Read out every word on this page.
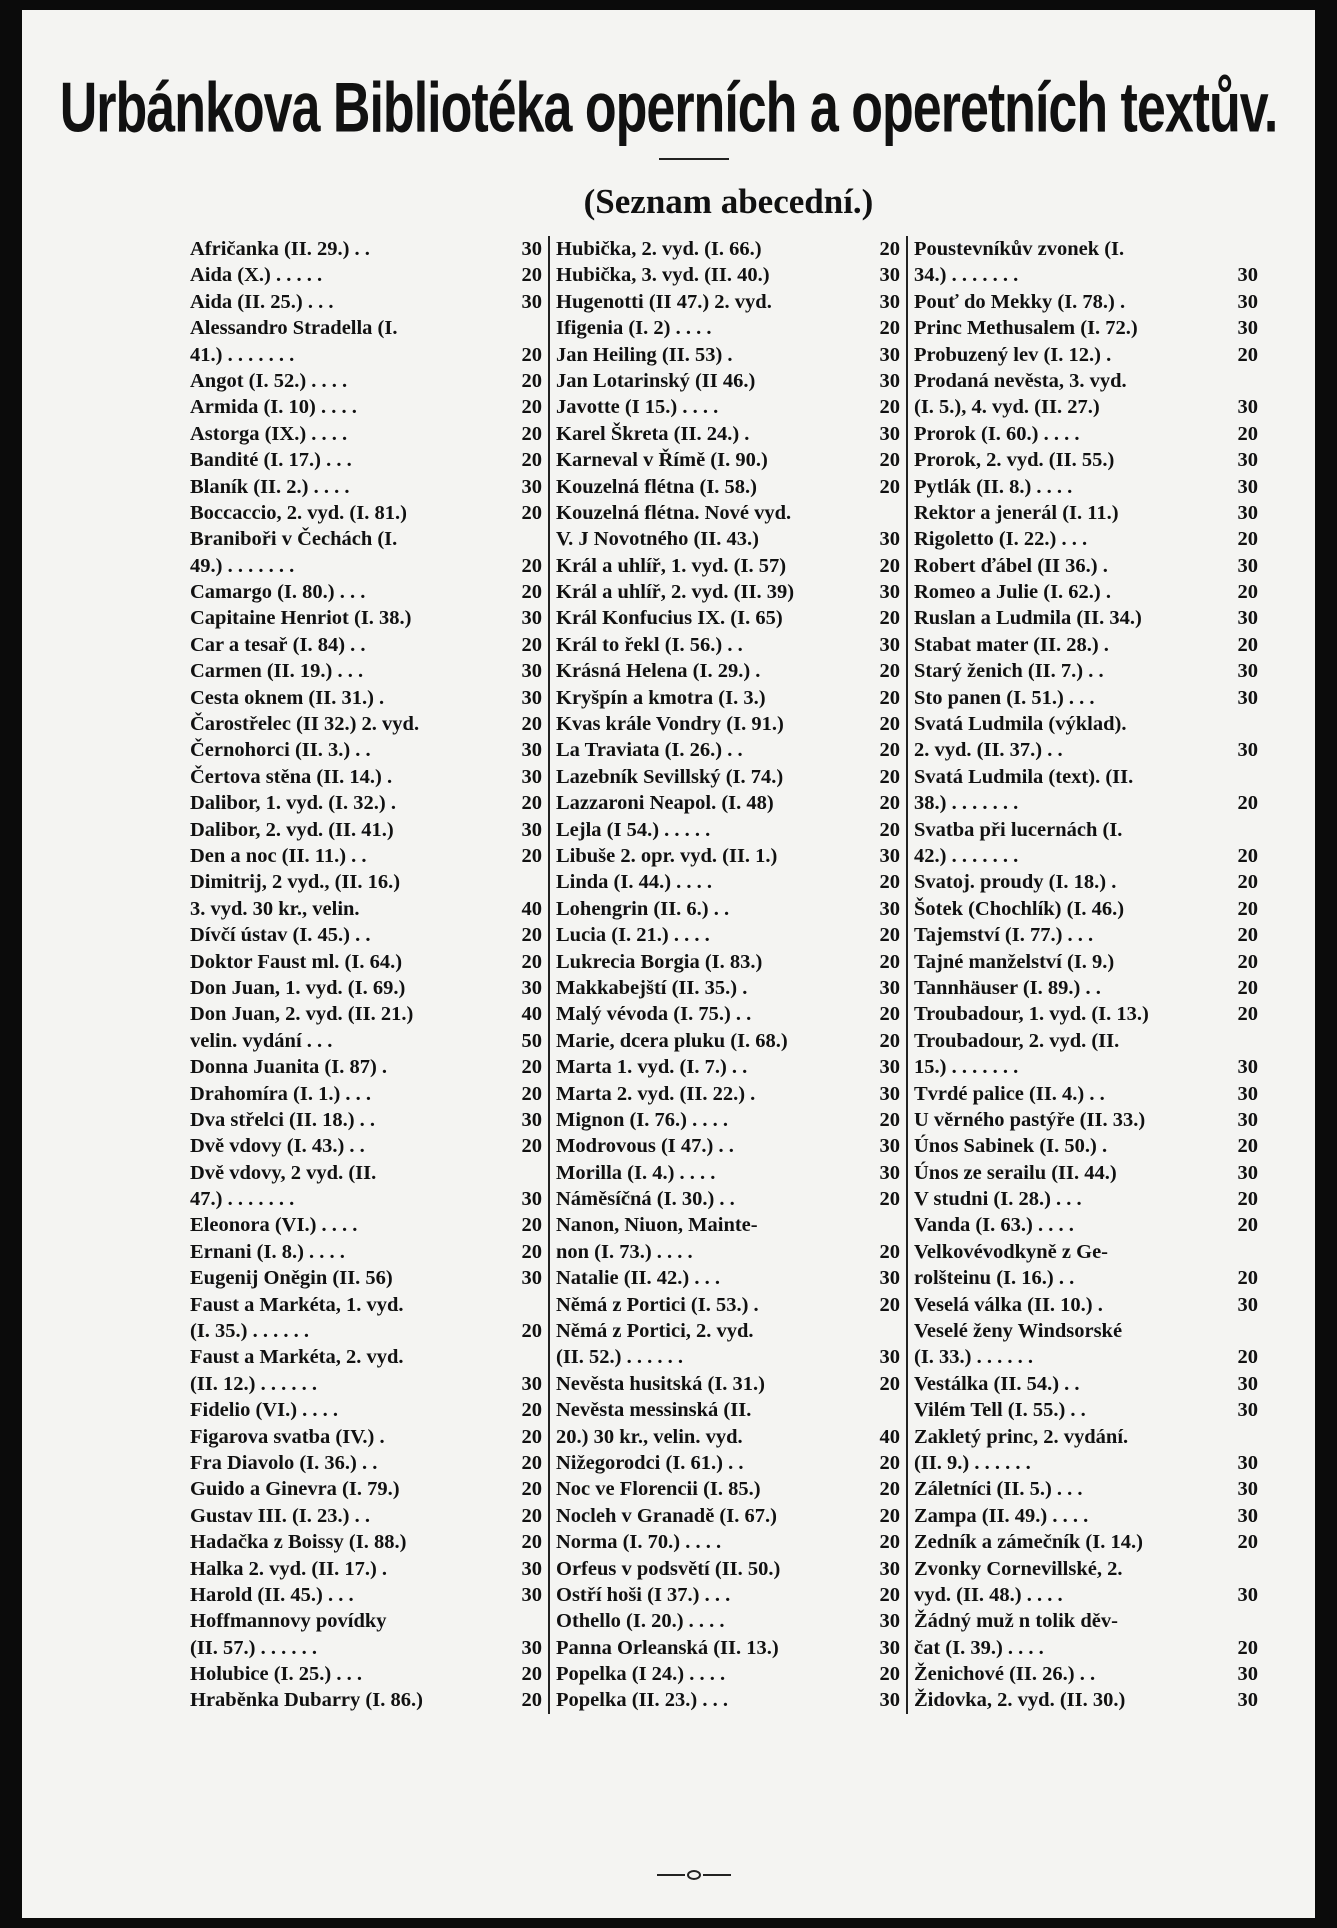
Urbánkova Bibliotéka operních a operetních textův.
(Seznam abecední.)
Afričanka (II. 29.) . .	30
Aida (X.) . . . . .	20
Aida (II. 25.) . . .	30
Alessandro Stradella (I.
41.) . . . . . . .	20
Angot (I. 52.) . . . .	20
Armida (I. 10) . . . .	20
Astorga (IX.) . . . .	20
Bandité (I. 17.) . . .	20
Blaník (II. 2.) . . . .	30
Boccaccio, 2. vyd. (I. 81.)	20
Braniboři v Čechách (I.
49.) . . . . . . .	20
Camargo (I. 80.) . . .	20
Capitaine Henriot (I. 38.)	30
Car a tesař (I. 84) . .	20
Carmen (II. 19.) . . .	30
Cesta oknem (II. 31.) .	30
Čarostřelec (II 32.) 2. vyd.	20
Černohorci (II. 3.) . .	30
Čertova stěna (II. 14.) .	30
Dalibor, 1. vyd. (I. 32.) .	20
Dalibor, 2. vyd. (II. 41.)	30
Den a noc (II. 11.) . .	20
Dimitrij, 2 vyd., (II. 16.)
3. vyd. 30 kr., velin.	40
Dívčí ústav (I. 45.) . .	20
Doktor Faust ml. (I. 64.)	20
Don Juan, 1. vyd. (I. 69.)	30
Don Juan, 2. vyd. (II. 21.)	40
velin. vydání . . .	50
Donna Juanita (I. 87) .	20
Drahomíra (I. 1.) . . .	20
Dva střelci (II. 18.) . .	30
Dvě vdovy (I. 43.) . .	20
Dvě vdovy, 2 vyd. (II.
47.) . . . . . . .	30
Eleonora (VI.) . . . .	20
Ernani (I. 8.) . . . .	20
Eugenij Oněgin (II. 56)	30
Faust a Markéta, 1. vyd.
(I. 35.) . . . . . .	20
Faust a Markéta, 2. vyd.
(II. 12.) . . . . . .	30
Fidelio (VI.) . . . .	20
Figarova svatba (IV.) .	20
Fra Diavolo (I. 36.) . .	20
Guido a Ginevra (I. 79.)	20
Gustav III. (I. 23.) . .	20
Hadačka z Boissy (I. 88.)	20
Halka 2. vyd. (II. 17.) .	30
Harold (II. 45.) . . .	30
Hoffmannovy povídky
(II. 57.) . . . . . .	30
Holubice (I. 25.) . . .	20
Hraběnka Dubarry (I. 86.)	20
Hubička, 2. vyd. (I. 66.)	20
Hubička, 3. vyd. (II. 40.)	30
Hugenotti (II 47.) 2. vyd.	30
Ifigenia (I. 2) . . . .	20
Jan Heiling (II. 53) .	30
Jan Lotarinský (II 46.)	30
Javotte (I 15.) . . . .	20
Karel Škreta (II. 24.) .	30
Karneval v Římě (I. 90.)	20
Kouzelná flétna (I. 58.)	20
Kouzelná flétna. Nové vyd.
V. J Novotného (II. 43.)	30
Král a uhlíř, 1. vyd. (I. 57)	20
Král a uhlíř, 2. vyd. (II. 39)	30
Král Konfucius IX. (I. 65)	20
Král to řekl (I. 56.) . .	30
Krásná Helena (I. 29.) .	20
Kryšpín a kmotra (I. 3.)	20
Kvas krále Vondry (I. 91.)	20
La Traviata (I. 26.) . .	20
Lazebník Sevillský (I. 74.)	20
Lazzaroni Neapol. (I. 48)	20
Lejla (I 54.) . . . . .	20
Libuše 2. opr. vyd. (II. 1.)	30
Linda (I. 44.) . . . .	20
Lohengrin (II. 6.) . .	30
Lucia (I. 21.) . . . .	20
Lukrecia Borgia (I. 83.)	20
Makkabejští (II. 35.) .	30
Malý vévoda (I. 75.) . .	20
Marie, dcera pluku (I. 68.)	20
Marta 1. vyd. (I. 7.) . .	30
Marta 2. vyd. (II. 22.) .	30
Mignon (I. 76.) . . . .	20
Modrovous (I 47.) . .	30
Morilla (I. 4.) . . . .	30
Náměsíčná (I. 30.) . .	20
Nanon, Niuon, Mainte-
non (I. 73.) . . . .	20
Natalie (II. 42.) . . .	30
Němá z Portici (I. 53.) .	20
Němá z Portici, 2. vyd.
(II. 52.) . . . . . .	30
Nevěsta husitská (I. 31.)	20
Nevěsta messinská (II.
20.) 30 kr., velin. vyd.	40
Nižegorodci (I. 61.) . .	20
Noc ve Florencii (I. 85.)	20
Nocleh v Granadě (I. 67.)	20
Norma (I. 70.) . . . .	20
Orfeus v podsvětí (II. 50.)	30
Ostří hoši (I 37.) . . .	20
Othello (I. 20.) . . . .	30
Panna Orleanská (II. 13.)	30
Popelka (I 24.) . . . .	20
Popelka (II. 23.) . . .	30
Poustevníkův zvonek (I.
34.) . . . . . . .	30
Pouť do Mekky (I. 78.) .	30
Princ Methusalem (I. 72.)	30
Probuzený lev (I. 12.) .	20
Prodaná nevěsta, 3. vyd.
(I. 5.), 4. vyd. (II. 27.)	30
Prorok (I. 60.) . . . .	20
Prorok, 2. vyd. (II. 55.)	30
Pytlák (II. 8.) . . . .	30
Rektor a jenerál (I. 11.)	30
Rigoletto (I. 22.) . . .	20
Robert ďábel (II 36.) .	30
Romeo a Julie (I. 62.) .	20
Ruslan a Ludmila (II. 34.)	30
Stabat mater (II. 28.) .	20
Starý ženich (II. 7.) . .	30
Sto panen (I. 51.) . . .	30
Svatá Ludmila (výklad).
2. vyd. (II. 37.) . .	30
Svatá Ludmila (text). (II.
38.) . . . . . . .	20
Svatba při lucernách (I.
42.) . . . . . . .	20
Svatoj. proudy (I. 18.) .	20
Šotek (Chochlík) (I. 46.)	20
Tajemství (I. 77.) . . .	20
Tajné manželství (I. 9.)	20
Tannhäuser (I. 89.) . .	20
Troubadour, 1. vyd. (I. 13.)	20
Troubadour, 2. vyd. (II.
15.) . . . . . . .	30
Tvrdé palice (II. 4.) . .	30
U věrného pastýře (II. 33.)	30
Únos Sabinek (I. 50.) .	20
Únos ze serailu (II. 44.)	30
V studni (I. 28.) . . .	20
Vanda (I. 63.) . . . .	20
Velkovévodkyně z Ge-
rolšteinu (I. 16.) . .	20
Veselá válka (II. 10.) .	30
Veselé ženy Windsorské
(I. 33.) . . . . . .	20
Vestálka (II. 54.) . .	30
Vilém Tell (I. 55.) . .	30
Zakletý princ, 2. vydání.
(II. 9.) . . . . . .	30
Záletníci (II. 5.) . . .	30
Zampa (II. 49.) . . . .	30
Zedník a zámečník (I. 14.)	20
Zvonky Cornevillské, 2.
vyd. (II. 48.) . . . .	30
Žádný muž n tolik děv-
čat (I. 39.) . . . .	20
Ženichové (II. 26.) . .	30
Židovka, 2. vyd. (II. 30.)	30
